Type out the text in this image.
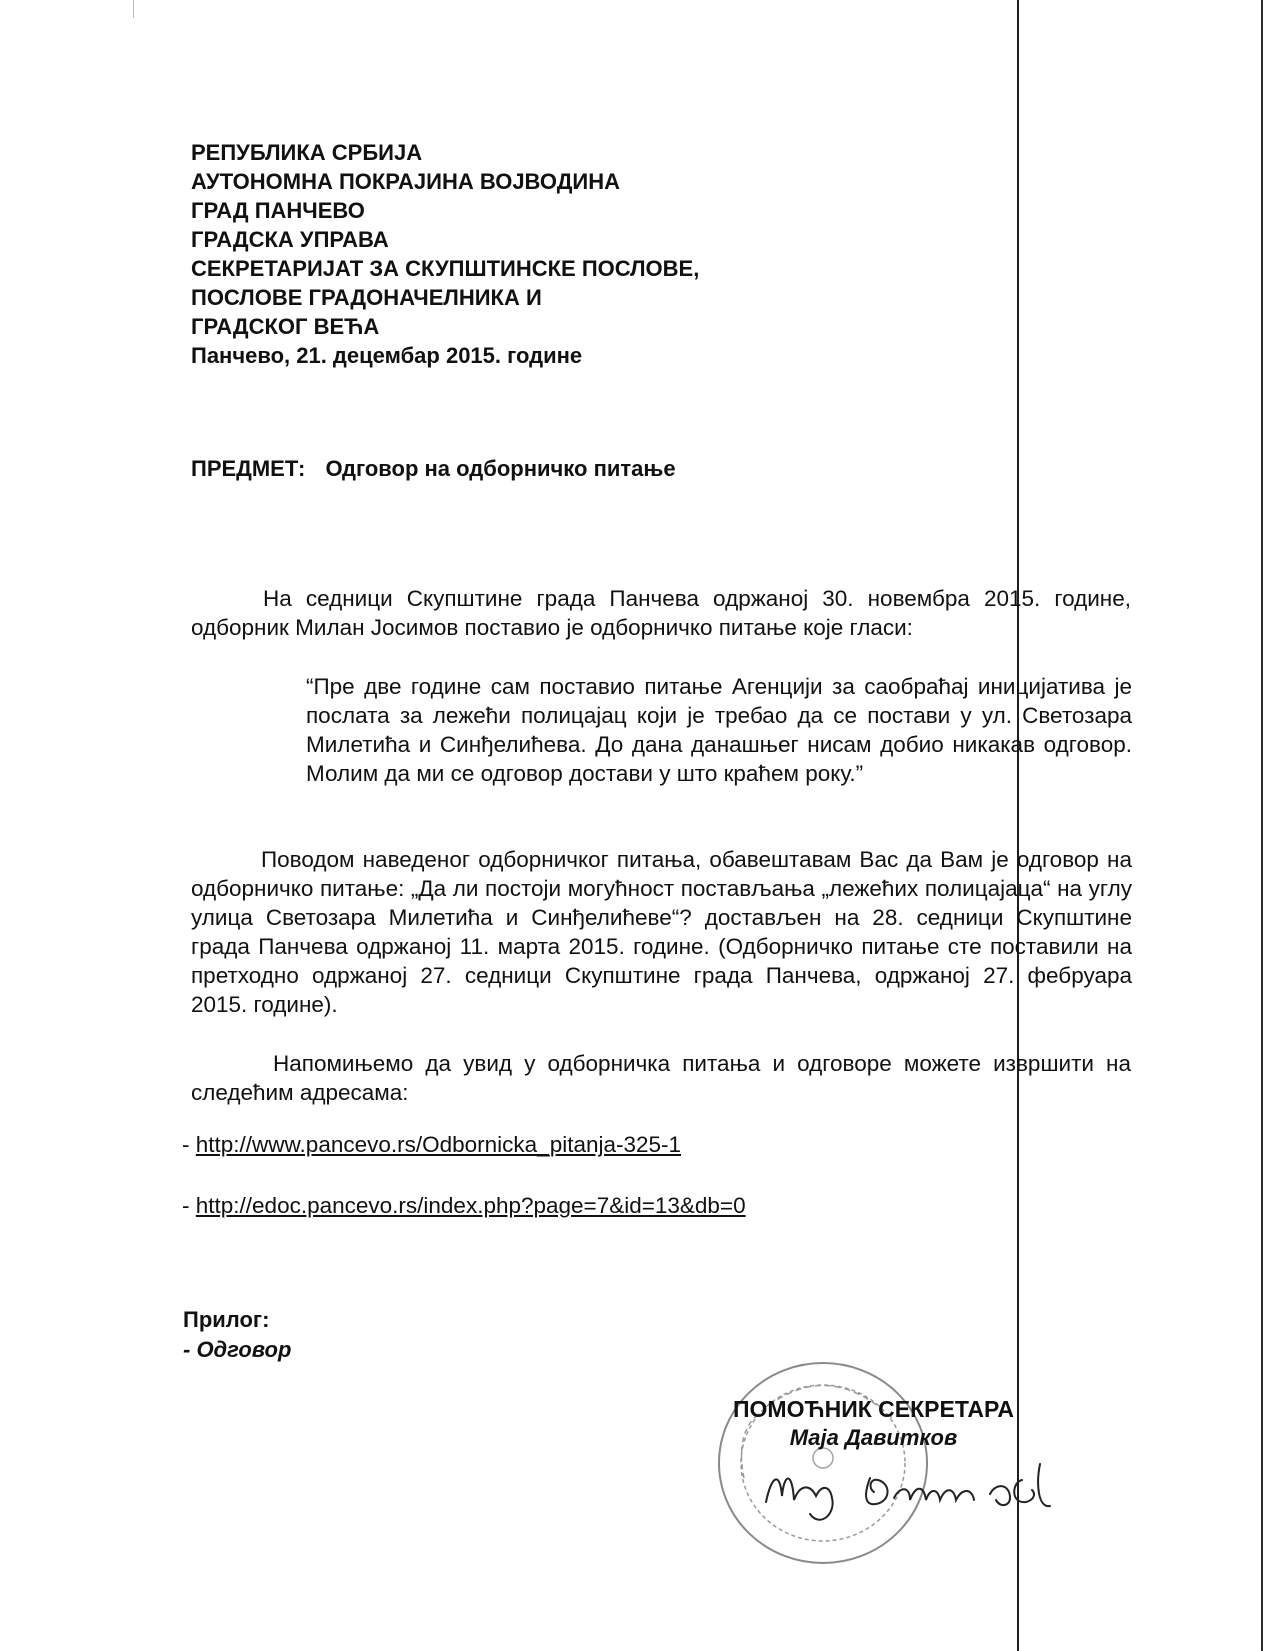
РЕПУБЛИКА СРБИЈА
АУТОНОМНА ПОКРАЈИНА ВОЈВОДИНА
ГРАД ПАНЧЕВО
ГРАДСКА УПРАВА
СЕКРЕТАРИЈАТ ЗА СКУПШТИНСКЕ ПОСЛОВЕ,
ПОСЛОВЕ ГРАДОНАЧЕЛНИКА И
ГРАДСКОГ ВЕЋА
Панчево, 21. децембар 2015. године
ПРЕДМЕТ: Одговор на одборничко питање
На седници Скупштине града Панчева одржаној 30. новембра 2015. године, одборник Милан Јосимов поставио је одборничко питање које гласи:
“Пре две године сам поставио питање Агенцији за саобраћај иницијатива је послата за лежећи полицајац који је требао да се постави у ул. Светозара Милетића и Синђелићева. До дана данашњег нисам добио никакав одговор. Молим да ми се одговор достави у што краћем року.”
Поводом наведеног одборничког питања, обавештавам Вас да Вам је одговор на одборничко питање: „Да ли постоји могућност постављања „лежећих полицајаца“ на углу улица Светозара Милетића и Синђелићеве“? достављен на 28. седници Скупштине града Панчева одржаној 11. марта 2015. године. (Одборничко питање сте поставили на претходно одржаној 27. седници Скупштине града Панчева, одржаној 27. фебруара 2015. године).
Напомињемо да увид у одборничка питања и одговоре можете извршити на следећим адресама:
- http://www.pancevo.rs/Odbornicka_pitanja-325-1
- http://edoc.pancevo.rs/index.php?page=7&id=13&db=0
Прилог:
- Одговор
ПОМОЋНИК СЕКРЕТАРА
Маја Давитков
